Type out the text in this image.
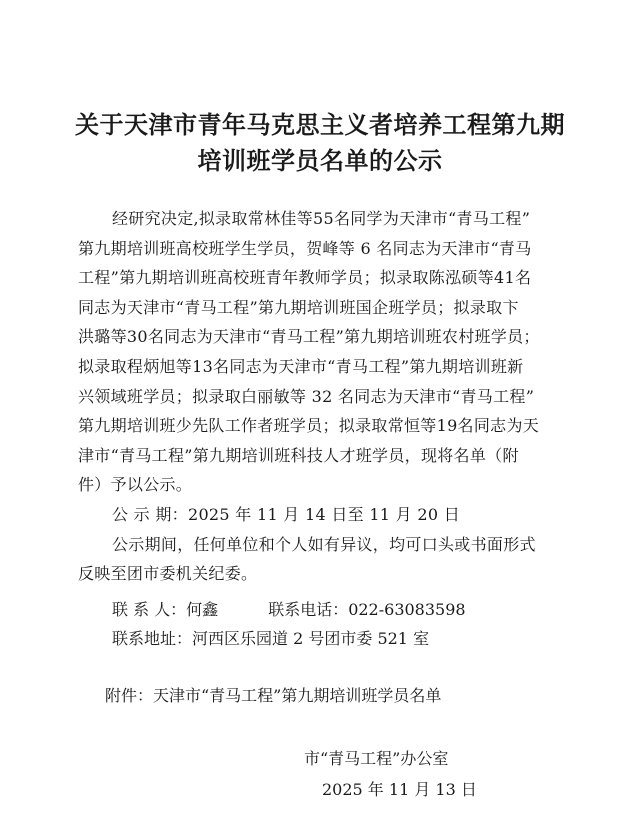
关于天津市青年马克思主义者培养工程第九期
培训班学员名单的公示
经研究决定,拟录取常林佳等55名同学为天津市“青马工程”
第九期培训班高校班学生学员，贺峰等 6 名同志为天津市“青马
工程”第九期培训班高校班青年教师学员；拟录取陈泓硕等41名
同志为天津市“青马工程”第九期培训班国企班学员；拟录取卞
洪璐等30名同志为天津市“青马工程”第九期培训班农村班学员；
拟录取程炳旭等13名同志为天津市“青马工程”第九期培训班新
兴领域班学员；拟录取白丽敏等 32 名同志为天津市“青马工程”
第九期培训班少先队工作者班学员；拟录取常恒等19名同志为天
津市“青马工程”第九期培训班科技人才班学员，现将名单（附
件）予以公示。
公 示 期：2025 年 11 月 14 日至 11 月 20 日
公示期间，任何单位和个人如有异议，均可口头或书面形式
反映至团市委机关纪委。
联 系 人：何鑫	联系电话：022-63083598
联系地址：河西区乐园道 2 号团市委 521 室
附件：天津市“青马工程”第九期培训班学员名单
市“青马工程”办公室
2025 年 11 月 13 日
